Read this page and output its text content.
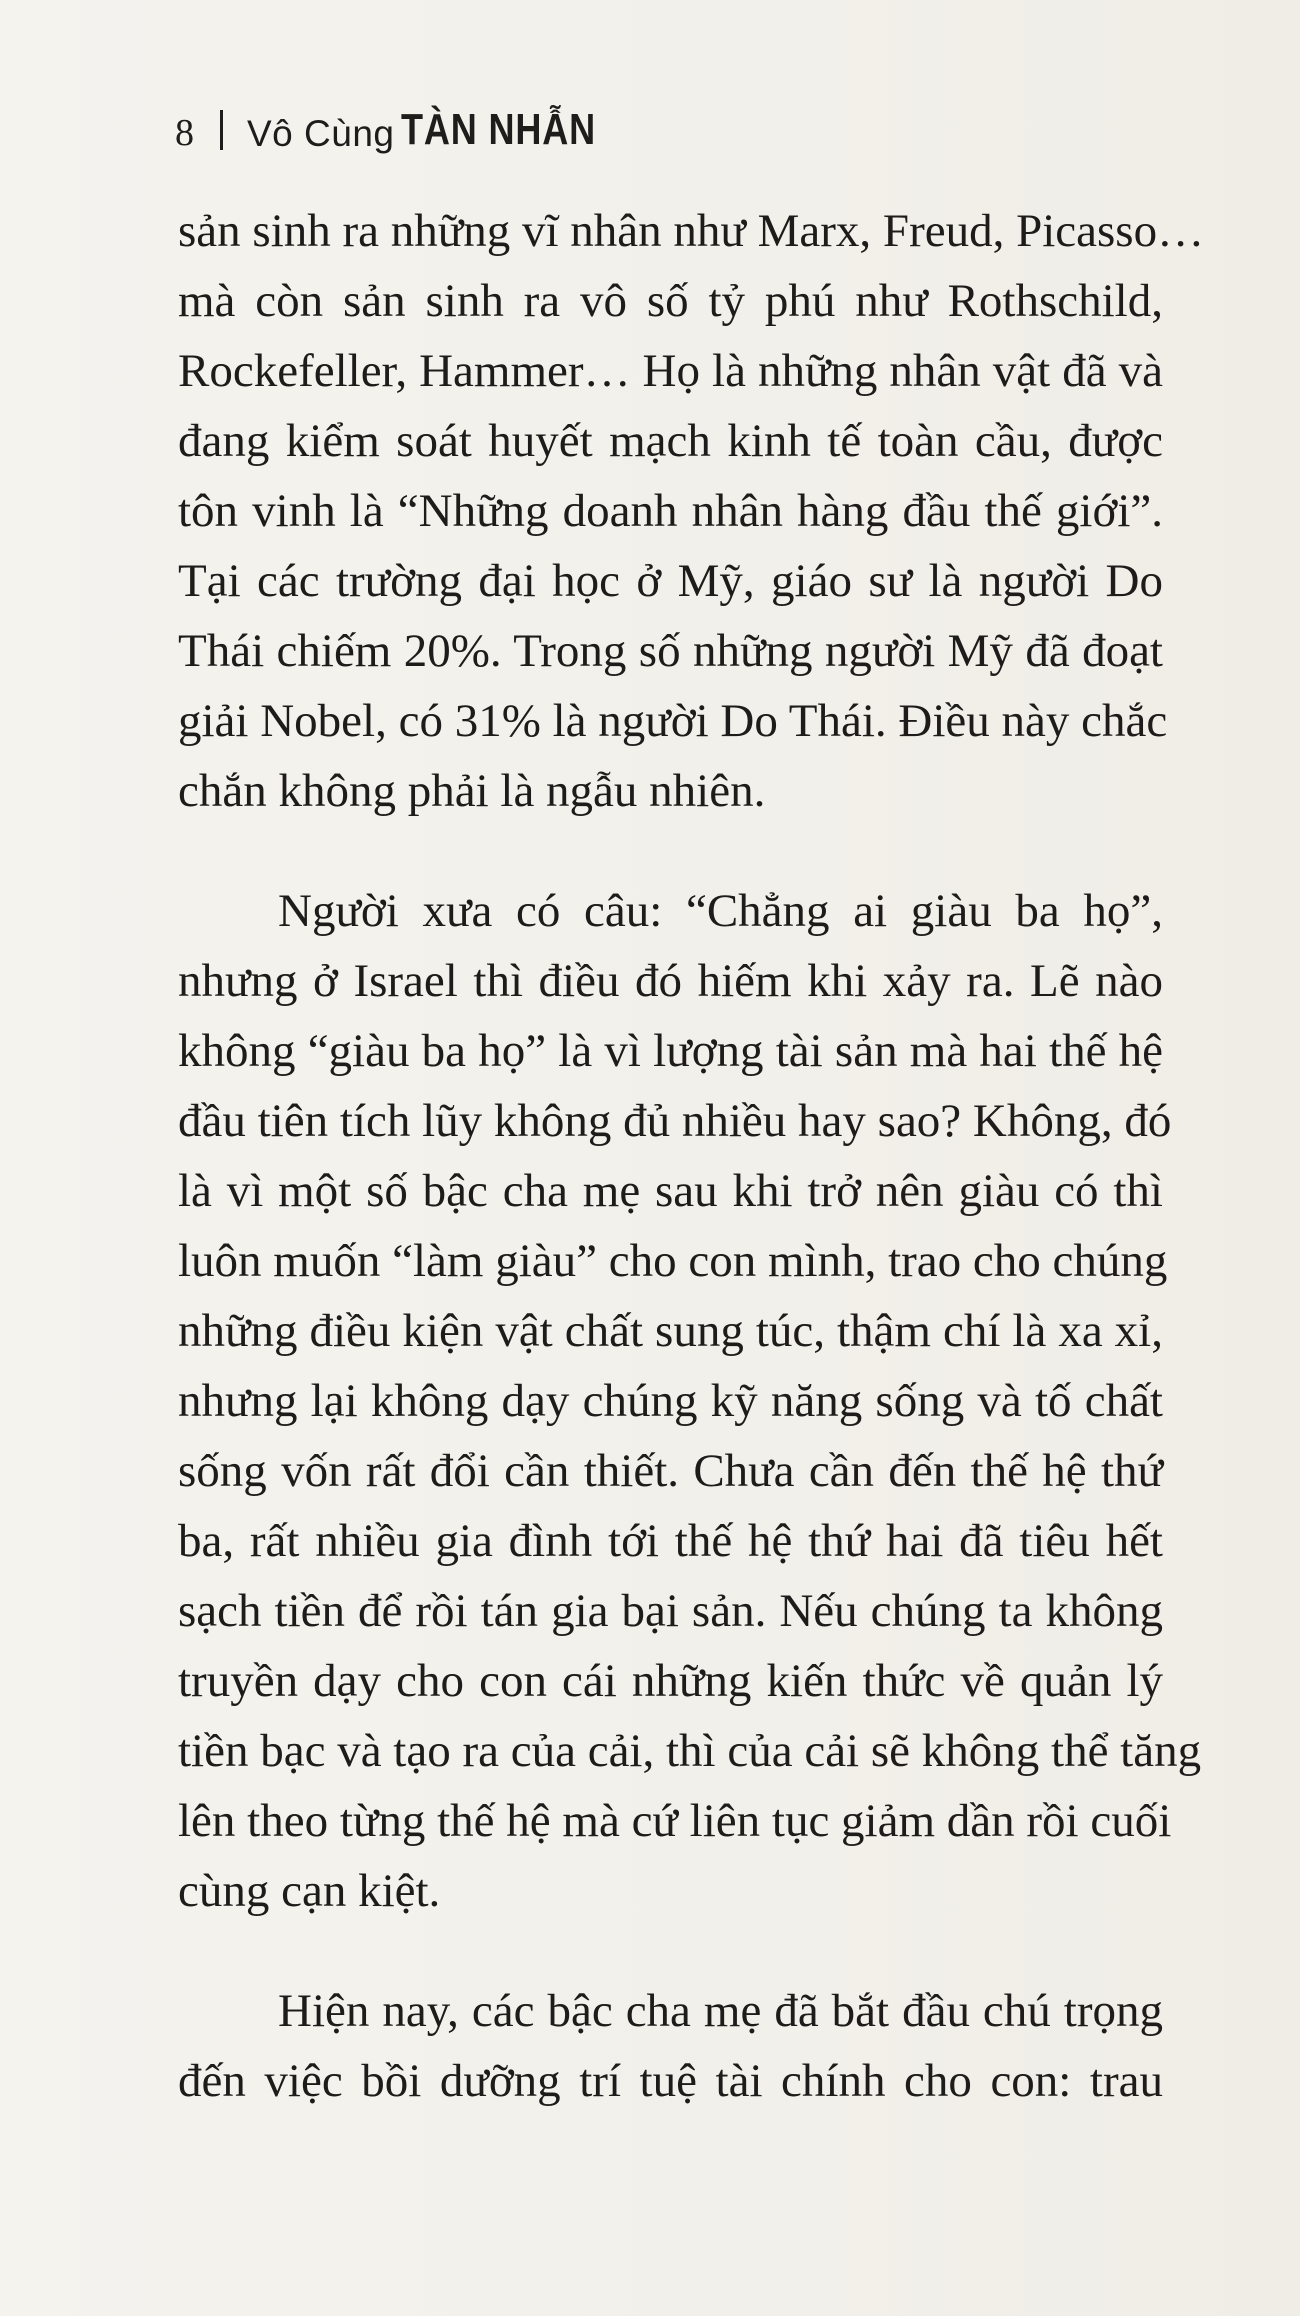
8 Vô Cùng TÀN NHẪN
sản sinh ra những vĩ nhân như Marx, Freud, Picasso…
mà còn sản sinh ra vô số tỷ phú như Rothschild,
Rockefeller, Hammer… Họ là những nhân vật đã và
đang kiểm soát huyết mạch kinh tế toàn cầu, được
tôn vinh là “Những doanh nhân hàng đầu thế giới”.
Tại các trường đại học ở Mỹ, giáo sư là người Do
Thái chiếm 20%. Trong số những người Mỹ đã đoạt
giải Nobel, có 31% là người Do Thái. Điều này chắc
chắn không phải là ngẫu nhiên.
Người xưa có câu: “Chẳng ai giàu ba họ”,
nhưng ở Israel thì điều đó hiếm khi xảy ra. Lẽ nào
không “giàu ba họ” là vì lượng tài sản mà hai thế hệ
đầu tiên tích lũy không đủ nhiều hay sao? Không, đó
là vì một số bậc cha mẹ sau khi trở nên giàu có thì
luôn muốn “làm giàu” cho con mình, trao cho chúng
những điều kiện vật chất sung túc, thậm chí là xa xỉ,
nhưng lại không dạy chúng kỹ năng sống và tố chất
sống vốn rất đổi cần thiết. Chưa cần đến thế hệ thứ
ba, rất nhiều gia đình tới thế hệ thứ hai đã tiêu hết
sạch tiền để rồi tán gia bại sản. Nếu chúng ta không
truyền dạy cho con cái những kiến thức về quản lý
tiền bạc và tạo ra của cải, thì của cải sẽ không thể tăng
lên theo từng thế hệ mà cứ liên tục giảm dần rồi cuối
cùng cạn kiệt.
Hiện nay, các bậc cha mẹ đã bắt đầu chú trọng
đến việc bồi dưỡng trí tuệ tài chính cho con: trau
